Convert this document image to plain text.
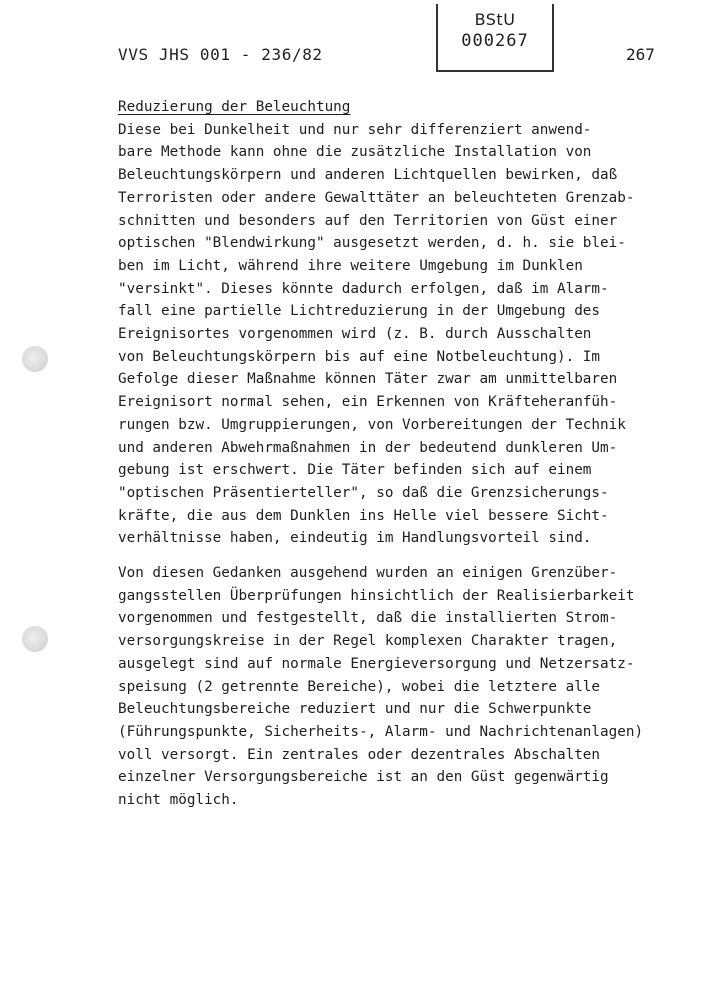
VVS JHS 001 - 236/82
BStU
000267
267
Reduzierung der Beleuchtung
Diese bei Dunkelheit und nur sehr differenziert anwend-
bare Methode kann ohne die zusätzliche Installation von
Beleuchtungskörpern und anderen Lichtquellen bewirken, daß
Terroristen oder andere Gewalttäter an beleuchteten Grenzab-
schnitten und besonders auf den Territorien von Güst einer
optischen "Blendwirkung" ausgesetzt werden, d. h. sie blei-
ben im Licht, während ihre weitere Umgebung im Dunklen
"versinkt". Dieses könnte dadurch erfolgen, daß im Alarm-
fall eine partielle Lichtreduzierung in der Umgebung des
Ereignisortes vorgenommen wird (z. B. durch Ausschalten
von Beleuchtungskörpern bis auf eine Notbeleuchtung). Im
Gefolge dieser Maßnahme können Täter zwar am unmittelbaren
Ereignisort normal sehen, ein Erkennen von Kräfteheranfüh-
rungen bzw. Umgruppierungen, von Vorbereitungen der Technik
und anderen Abwehrmaßnahmen in der bedeutend dunkleren Um-
gebung ist erschwert. Die Täter befinden sich auf einem
"optischen Präsentierteller", so daß die Grenzsicherungs-
kräfte, die aus dem Dunklen ins Helle viel bessere Sicht-
verhältnisse haben, eindeutig im Handlungsvorteil sind.
Von diesen Gedanken ausgehend wurden an einigen Grenzüber-
gangsstellen Überprüfungen hinsichtlich der Realisierbarkeit
vorgenommen und festgestellt, daß die installierten Strom-
versorgungskreise in der Regel komplexen Charakter tragen,
ausgelegt sind auf normale Energieversorgung und Netzersatz-
speisung (2 getrennte Bereiche), wobei die letztere alle
Beleuchtungsbereiche reduziert und nur die Schwerpunkte
(Führungspunkte, Sicherheits-, Alarm- und Nachrichtenanlagen)
voll versorgt. Ein zentrales oder dezentrales Abschalten
einzelner Versorgungsbereiche ist an den Güst gegenwärtig
nicht möglich.
